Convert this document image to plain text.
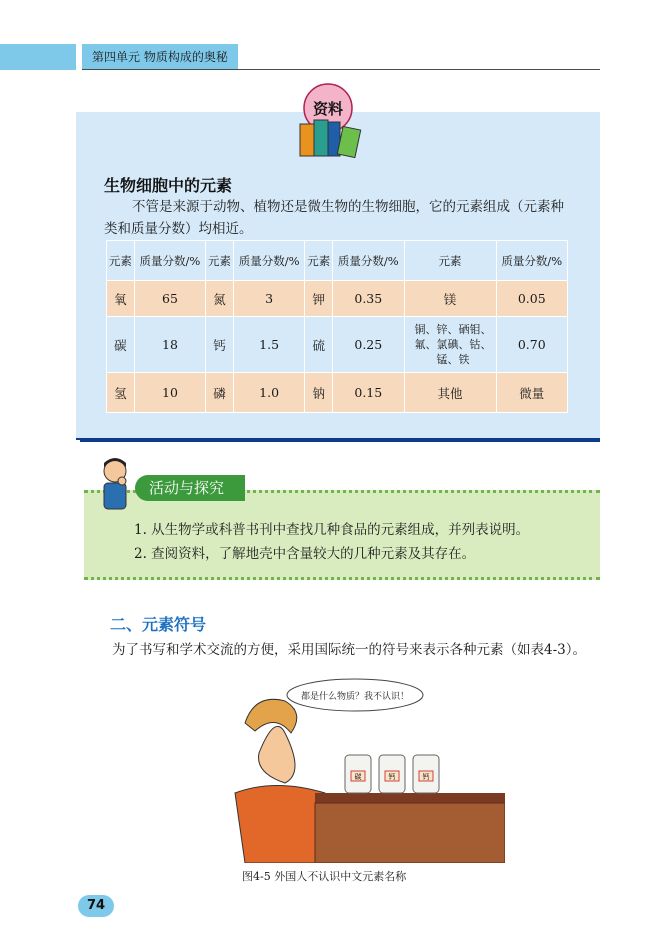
第四单元 物质构成的奥秘
资料
生物细胞中的元素
不管是来源于动物、植物还是微生物的生物细胞，它的元素组成（元素种类和质量分数）均相近。
元素	质量分数/%	元素	质量分数/%	元素	质量分数/%	元素	质量分数/%
氧	65	氮	3	钾	0.35	镁	0.05
碳	18	钙	1.5	硫	0.25	铜、锌、硒钼、氟、氯碘、钴、锰、铁	0.70
氢	10	磷	1.0	钠	0.15	其他	微量
活动与探究
1. 从生物学或科普书刊中查找几种食品的元素组成，并列表说明。
2. 查阅资料，了解地壳中含量较大的几种元素及其存在。
二、元素符号
为了书写和学术交流的方便，采用国际统一的符号来表示各种元素（如表4-3）。
都是什么物质？我不认识！
碳	钙	钙
图4-5 外国人不认识中文元素名称
74
